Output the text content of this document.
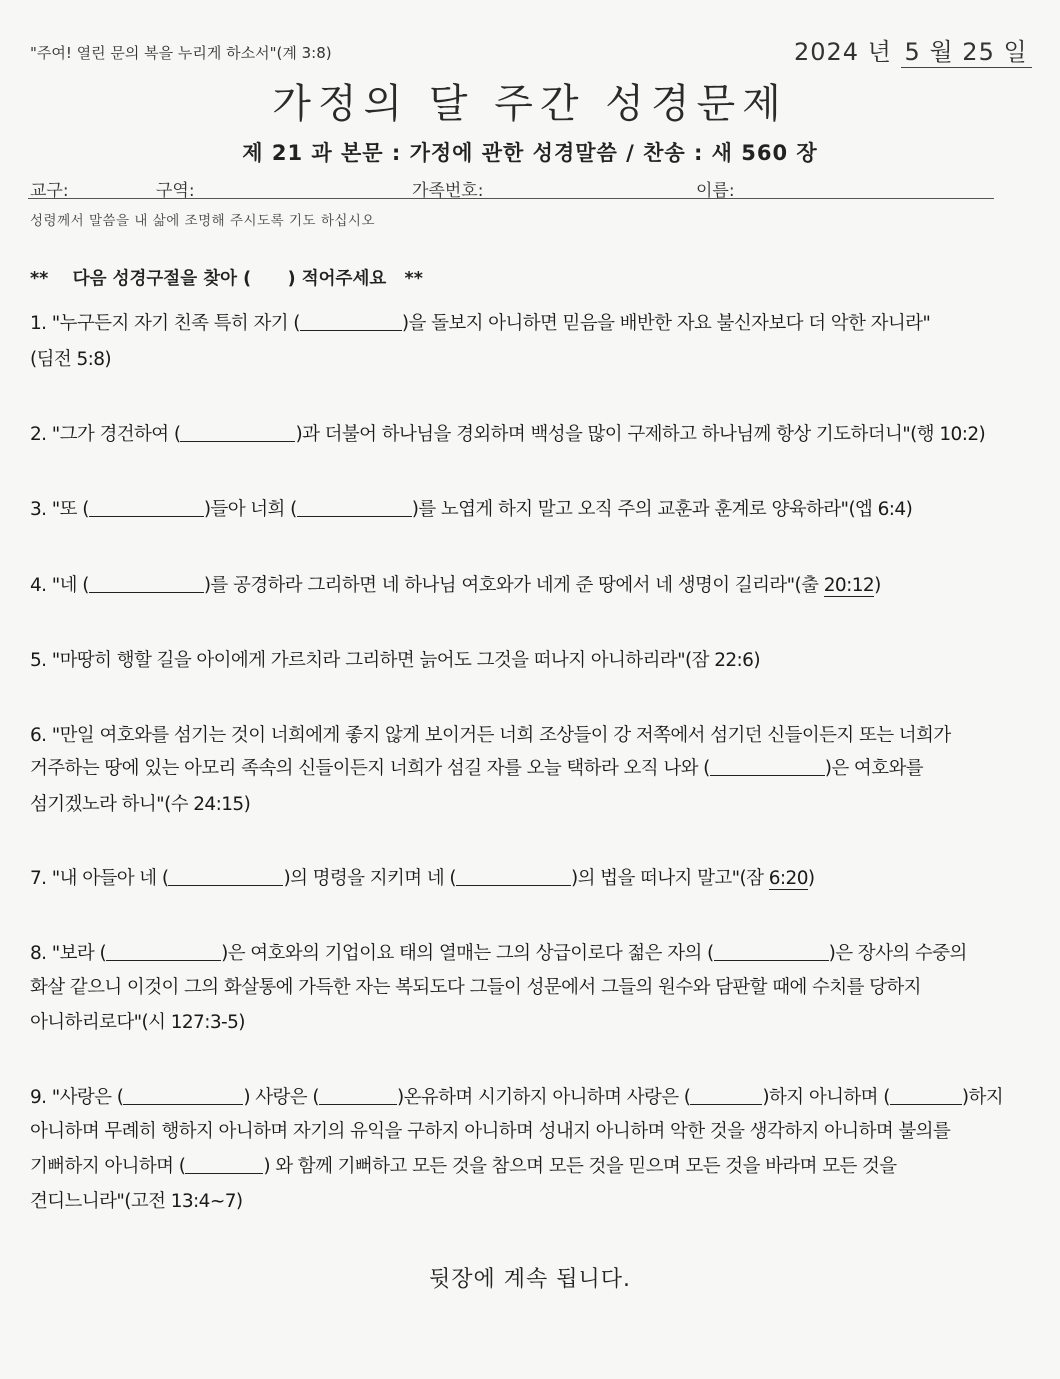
"주여! 열린 문의 복을 누리게 하소서"(계 3:8)	2024 년 5 월 25 일
가정의 달 주간 성경문제
제 21 과 본문 : 가정에 관한 성경말씀 / 찬송 : 새 560 장
교구:	구역:	가족번호:	이름:
성령께서 말씀을 내 삶에 조명해 주시도록 기도 하십시오
**    다음 성경구절을 찾아 (      ) 적어주세요   **
1. "누구든지 자기 친족 특히 자기 (	)을 돌보지 아니하면 믿음을 배반한 자요 불신자보다 더 악한 자니라"
(딤전 5:8)
2. "그가 경건하여 (	)과 더불어 하나님을 경외하며 백성을 많이 구제하고 하나님께 항상 기도하더니"(행 10:2)
3. "또 (	)들아 너희 (	)를 노엽게 하지 말고 오직 주의 교훈과 훈계로 양육하라"(엡 6:4)
4. "네 (	)를 공경하라 그리하면 네 하나님 여호와가 네게 준 땅에서 네 생명이 길리라"(출 20:12)
5. "마땅히 행할 길을 아이에게 가르치라 그리하면 늙어도 그것을 떠나지 아니하리라"(잠 22:6)
6. "만일 여호와를 섬기는 것이 너희에게 좋지 않게 보이거든 너희 조상들이 강 저쪽에서 섬기던 신들이든지 또는 너희가
거주하는 땅에 있는 아모리 족속의 신들이든지 너희가 섬길 자를 오늘 택하라 오직 나와 (	)은 여호와를
섬기겠노라 하니"(수 24:15)
7. "내 아들아 네 (	)의 명령을 지키며 네 (	)의 법을 떠나지 말고"(잠 6:20)
8. "보라 (	)은 여호와의 기업이요 태의 열매는 그의 상급이로다 젊은 자의 (	)은 장사의 수중의
화살 같으니 이것이 그의 화살통에 가득한 자는 복되도다 그들이 성문에서 그들의 원수와 담판할 때에 수치를 당하지
아니하리로다"(시 127:3-5)
9. "사랑은 (	) 사랑은 (	)온유하며 시기하지 아니하며 사랑은 (	)하지 아니하며 (	)하지
아니하며 무례히 행하지 아니하며 자기의 유익을 구하지 아니하며 성내지 아니하며 악한 것을 생각하지 아니하며 불의를
기뻐하지 아니하며 (	) 와 함께 기뻐하고 모든 것을 참으며 모든 것을 믿으며 모든 것을 바라며 모든 것을
견디느니라"(고전 13:4~7)
뒷장에 계속 됩니다.
